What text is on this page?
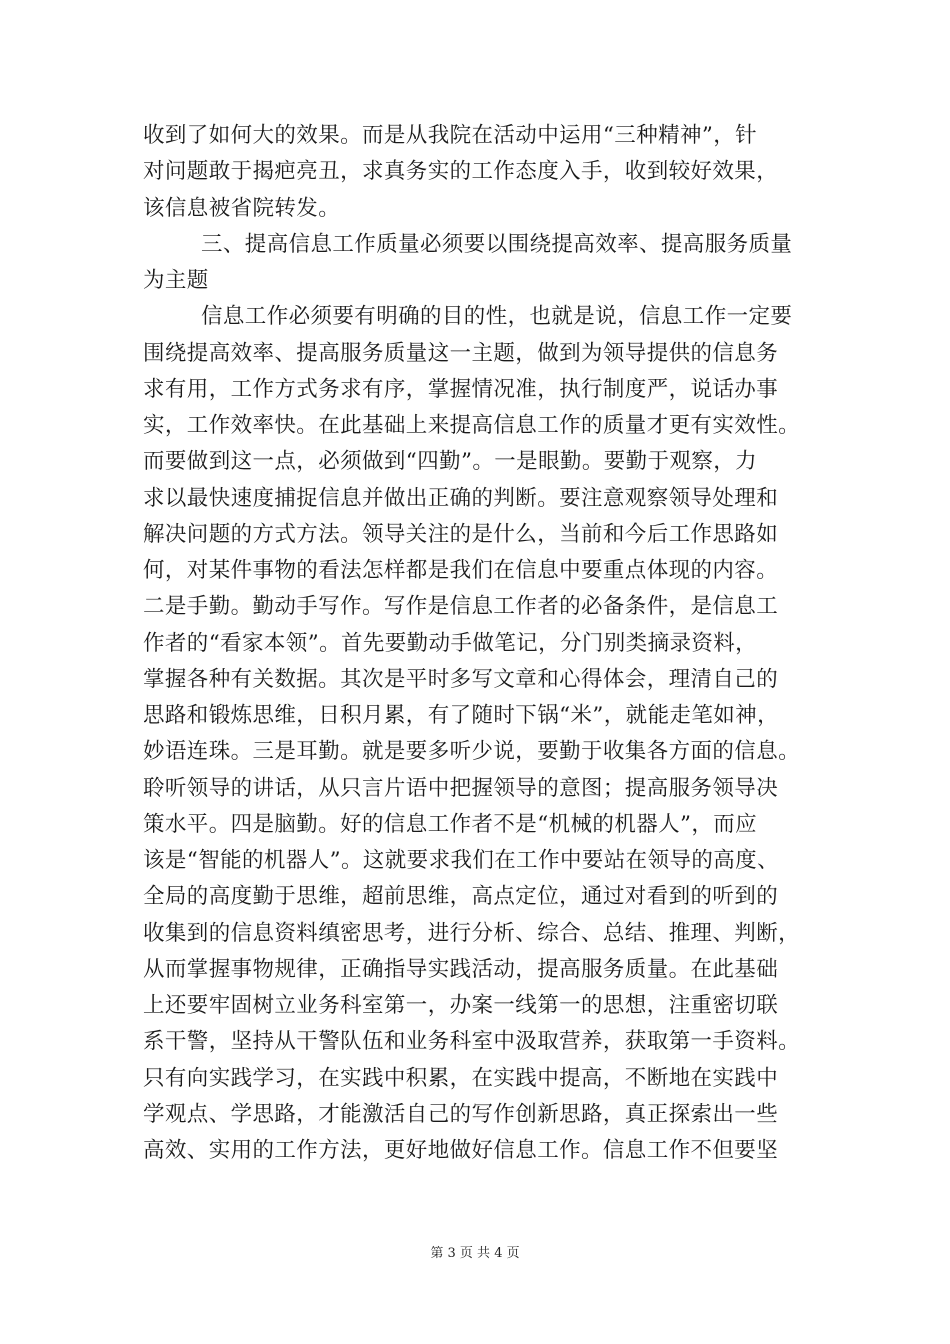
收到了如何大的效果。而是从我院在活动中运用“三种精神”，针
对问题敢于揭疤亮丑，求真务实的工作态度入手，收到较好效果，
该信息被省院转发。
三、提高信息工作质量必须要以围绕提高效率、提高服务质量
为主题
信息工作必须要有明确的目的性，也就是说，信息工作一定要
围绕提高效率、提高服务质量这一主题，做到为领导提供的信息务
求有用，工作方式务求有序，掌握情况准，执行制度严，说话办事
实，工作效率快。在此基础上来提高信息工作的质量才更有实效性。
而要做到这一点，必须做到“四勤”。一是眼勤。要勤于观察，力
求以最快速度捕捉信息并做出正确的判断。要注意观察领导处理和
解决问题的方式方法。领导关注的是什么，当前和今后工作思路如
何，对某件事物的看法怎样都是我们在信息中要重点体现的内容。
二是手勤。勤动手写作。写作是信息工作者的必备条件，是信息工
作者的“看家本领”。首先要勤动手做笔记，分门别类摘录资料，
掌握各种有关数据。其次是平时多写文章和心得体会，理清自己的
思路和锻炼思维，日积月累，有了随时下锅“米”，就能走笔如神，
妙语连珠。三是耳勤。就是要多听少说，要勤于收集各方面的信息。
聆听领导的讲话，从只言片语中把握领导的意图；提高服务领导决
策水平。四是脑勤。好的信息工作者不是“机械的机器人”，而应
该是“智能的机器人”。这就要求我们在工作中要站在领导的高度、
全局的高度勤于思维，超前思维，高点定位，通过对看到的听到的
收集到的信息资料缜密思考，进行分析、综合、总结、推理、判断，
从而掌握事物规律，正确指导实践活动，提高服务质量。在此基础
上还要牢固树立业务科室第一，办案一线第一的思想，注重密切联
系干警，坚持从干警队伍和业务科室中汲取营养，获取第一手资料。
只有向实践学习，在实践中积累，在实践中提高，不断地在实践中
学观点、学思路，才能激活自己的写作创新思路，真正探索出一些
高效、实用的工作方法，更好地做好信息工作。信息工作不但要坚
第 3 页 共 4 页
